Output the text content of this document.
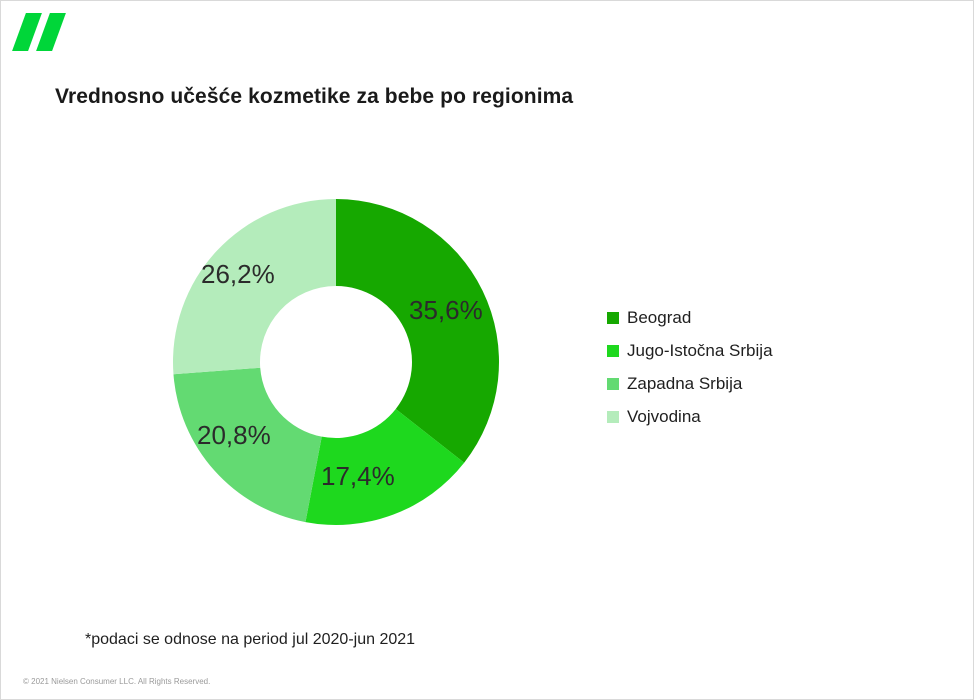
Vrednosno učešće kozmetike za bebe po regionima
35,6%
17,4%
20,8%
26,2%
Beograd
Jugo-Istočna Srbija
Zapadna Srbija
Vojvodina
*podaci se odnose na period jul 2020-jun 2021
© 2021 Nielsen Consumer LLC. All Rights Reserved.
